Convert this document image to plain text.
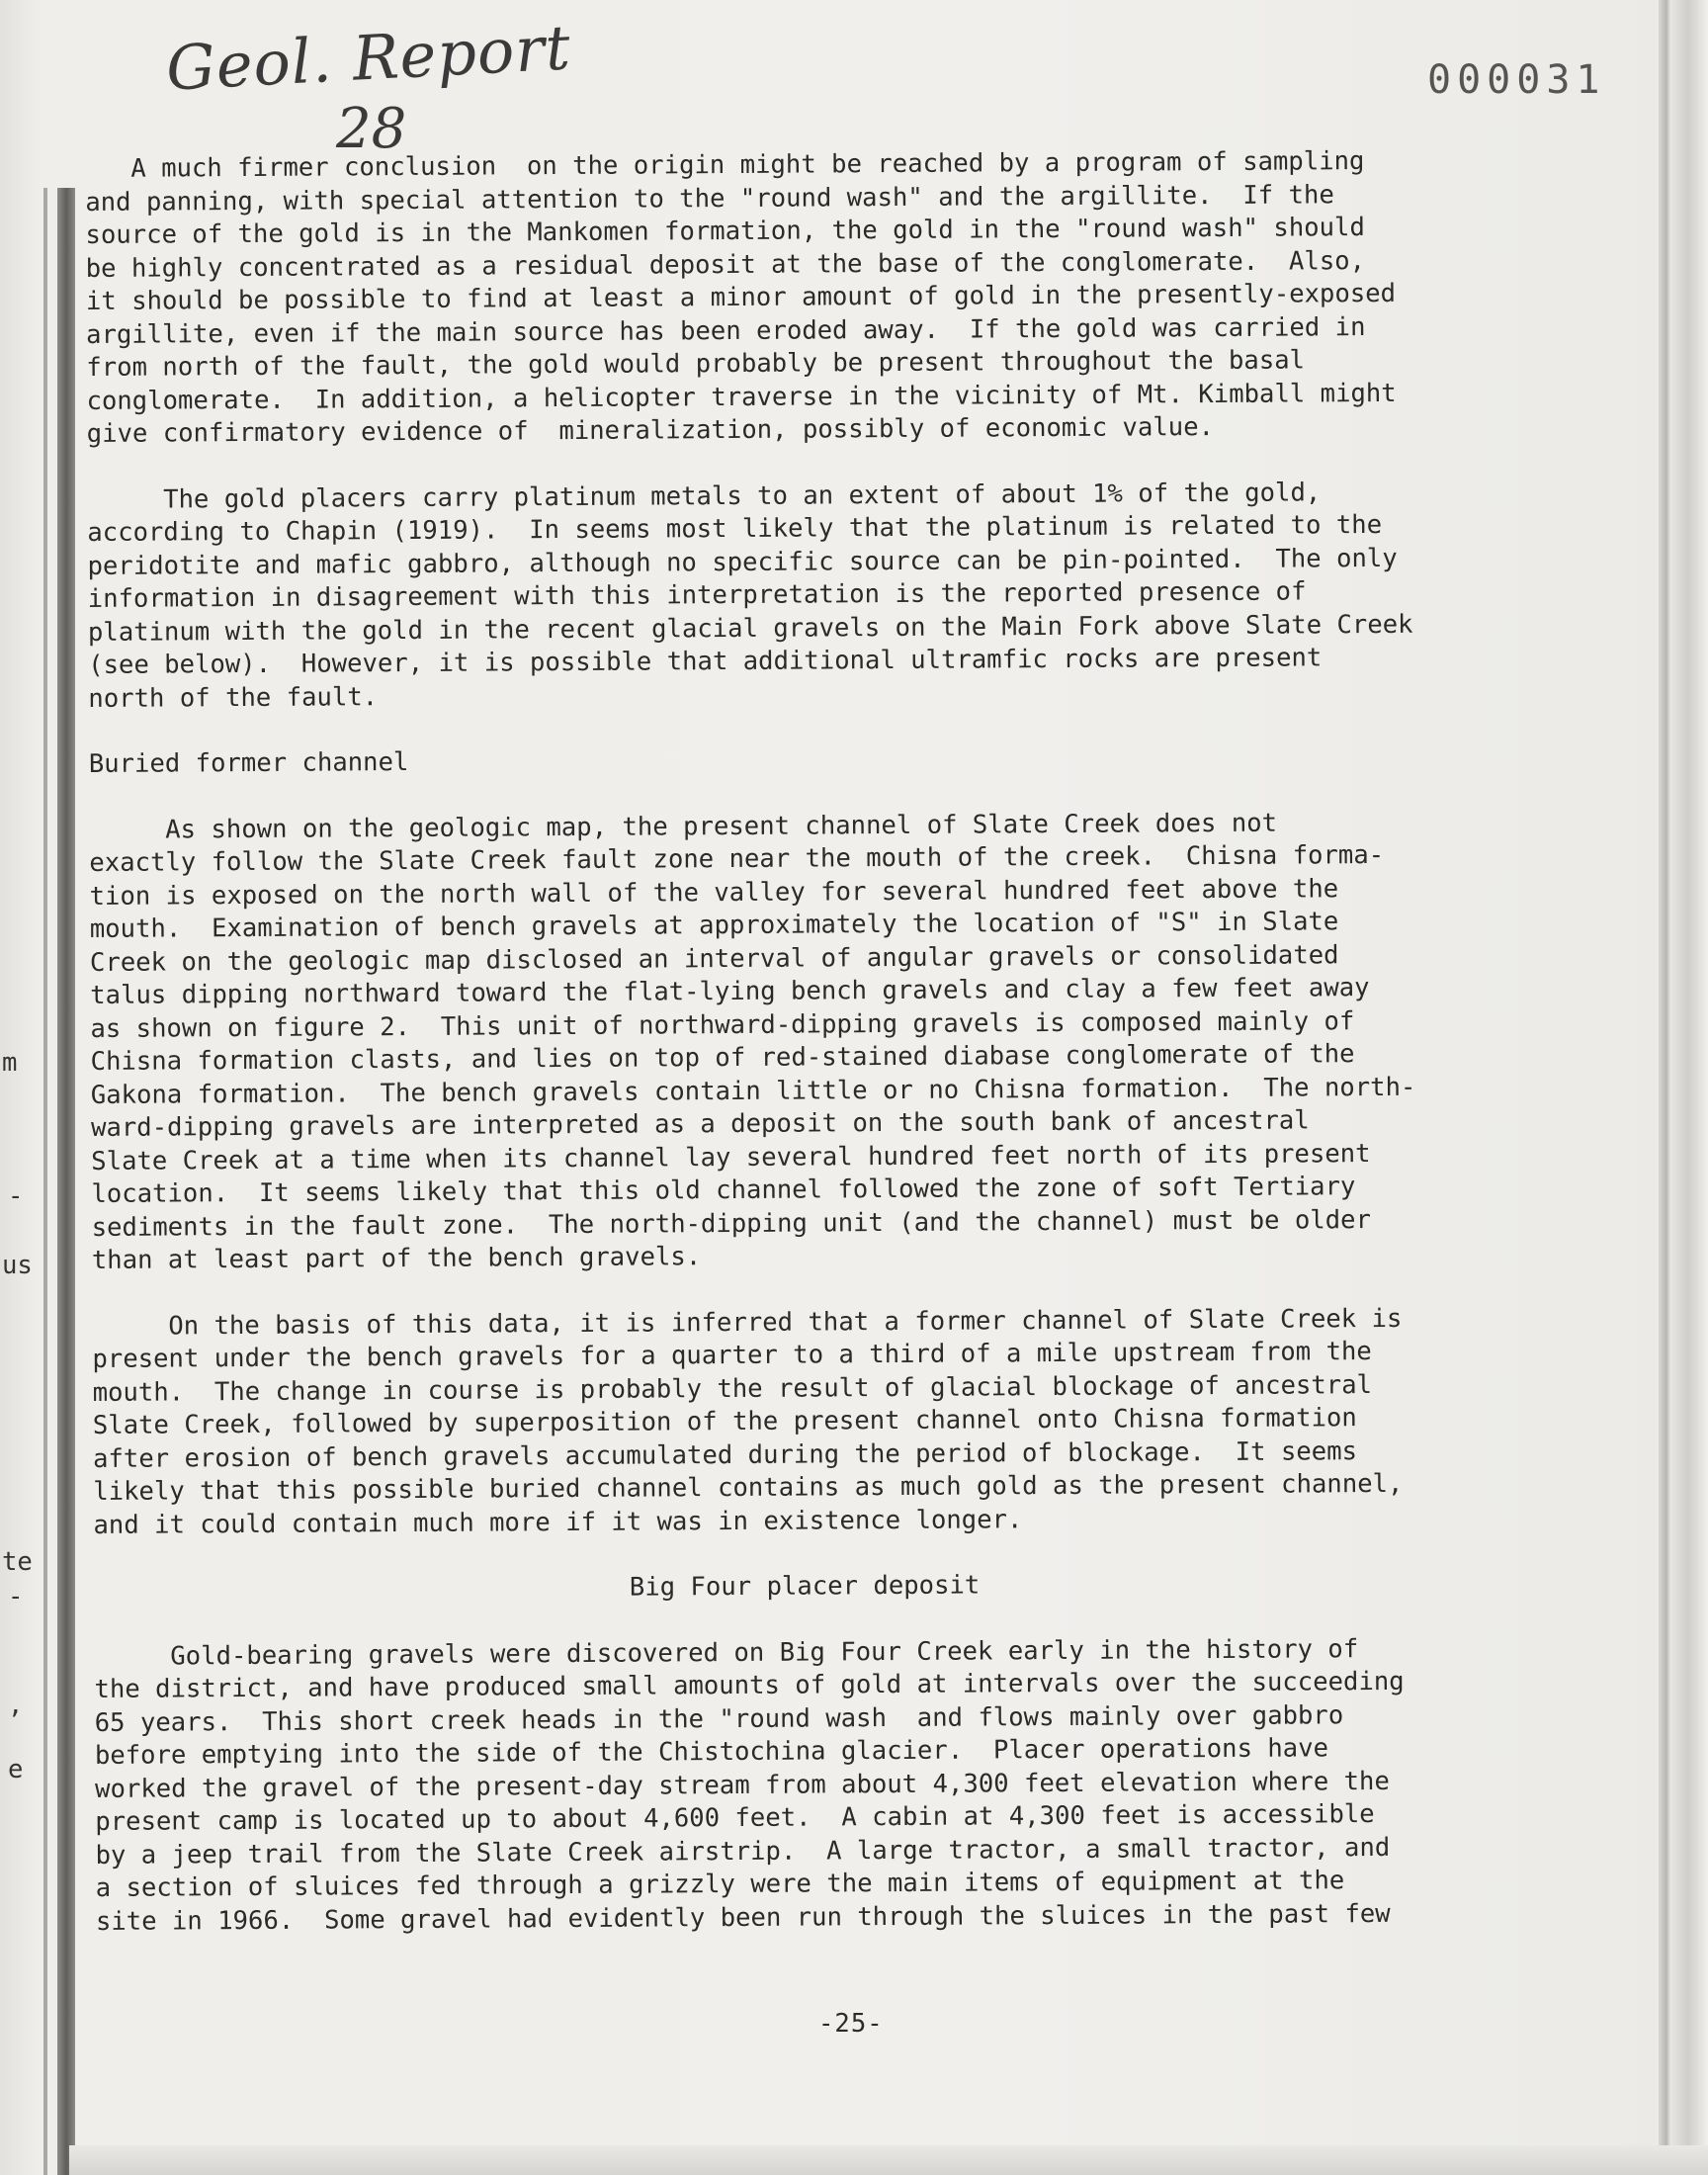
Geol. Report
28
000031
m
-
us
te
-
,
e
A much firmer conclusion  on the origin might be reached by a program of sampling
and panning, with special attention to the "round wash" and the argillite.  If the
source of the gold is in the Mankomen formation, the gold in the "round wash" should
be highly concentrated as a residual deposit at the base of the conglomerate.  Also,
it should be possible to find at least a minor amount of gold in the presently-exposed
argillite, even if the main source has been eroded away.  If the gold was carried in
from north of the fault, the gold would probably be present throughout the basal
conglomerate.  In addition, a helicopter traverse in the vicinity of Mt. Kimball might
give confirmatory evidence of  mineralization, possibly of economic value.
The gold placers carry platinum metals to an extent of about 1% of the gold,
according to Chapin (1919).  In seems most likely that the platinum is related to the
peridotite and mafic gabbro, although no specific source can be pin-pointed.  The only
information in disagreement with this interpretation is the reported presence of
platinum with the gold in the recent glacial gravels on the Main Fork above Slate Creek
(see below).  However, it is possible that additional ultramfic rocks are present
north of the fault.
Buried former channel
As shown on the geologic map, the present channel of Slate Creek does not
exactly follow the Slate Creek fault zone near the mouth of the creek.  Chisna forma-
tion is exposed on the north wall of the valley for several hundred feet above the
mouth.  Examination of bench gravels at approximately the location of "S" in Slate
Creek on the geologic map disclosed an interval of angular gravels or consolidated
talus dipping northward toward the flat-lying bench gravels and clay a few feet away
as shown on figure 2.  This unit of northward-dipping gravels is composed mainly of
Chisna formation clasts, and lies on top of red-stained diabase conglomerate of the
Gakona formation.  The bench gravels contain little or no Chisna formation.  The north-
ward-dipping gravels are interpreted as a deposit on the south bank of ancestral
Slate Creek at a time when its channel lay several hundred feet north of its present
location.  It seems likely that this old channel followed the zone of soft Tertiary
sediments in the fault zone.  The north-dipping unit (and the channel) must be older
than at least part of the bench gravels.
On the basis of this data, it is inferred that a former channel of Slate Creek is
present under the bench gravels for a quarter to a third of a mile upstream from the
mouth.  The change in course is probably the result of glacial blockage of ancestral
Slate Creek, followed by superposition of the present channel onto Chisna formation
after erosion of bench gravels accumulated during the period of blockage.  It seems
likely that this possible buried channel contains as much gold as the present channel,
and it could contain much more if it was in existence longer.
Big Four placer deposit
Gold-bearing gravels were discovered on Big Four Creek early in the history of
the district, and have produced small amounts of gold at intervals over the succeeding
65 years.  This short creek heads in the "round wash  and flows mainly over gabbro
before emptying into the side of the Chistochina glacier.  Placer operations have
worked the gravel of the present-day stream from about 4,300 feet elevation where the
present camp is located up to about 4,600 feet.  A cabin at 4,300 feet is accessible
by a jeep trail from the Slate Creek airstrip.  A large tractor, a small tractor, and
a section of sluices fed through a grizzly were the main items of equipment at the
site in 1966.  Some gravel had evidently been run through the sluices in the past few
-25-
